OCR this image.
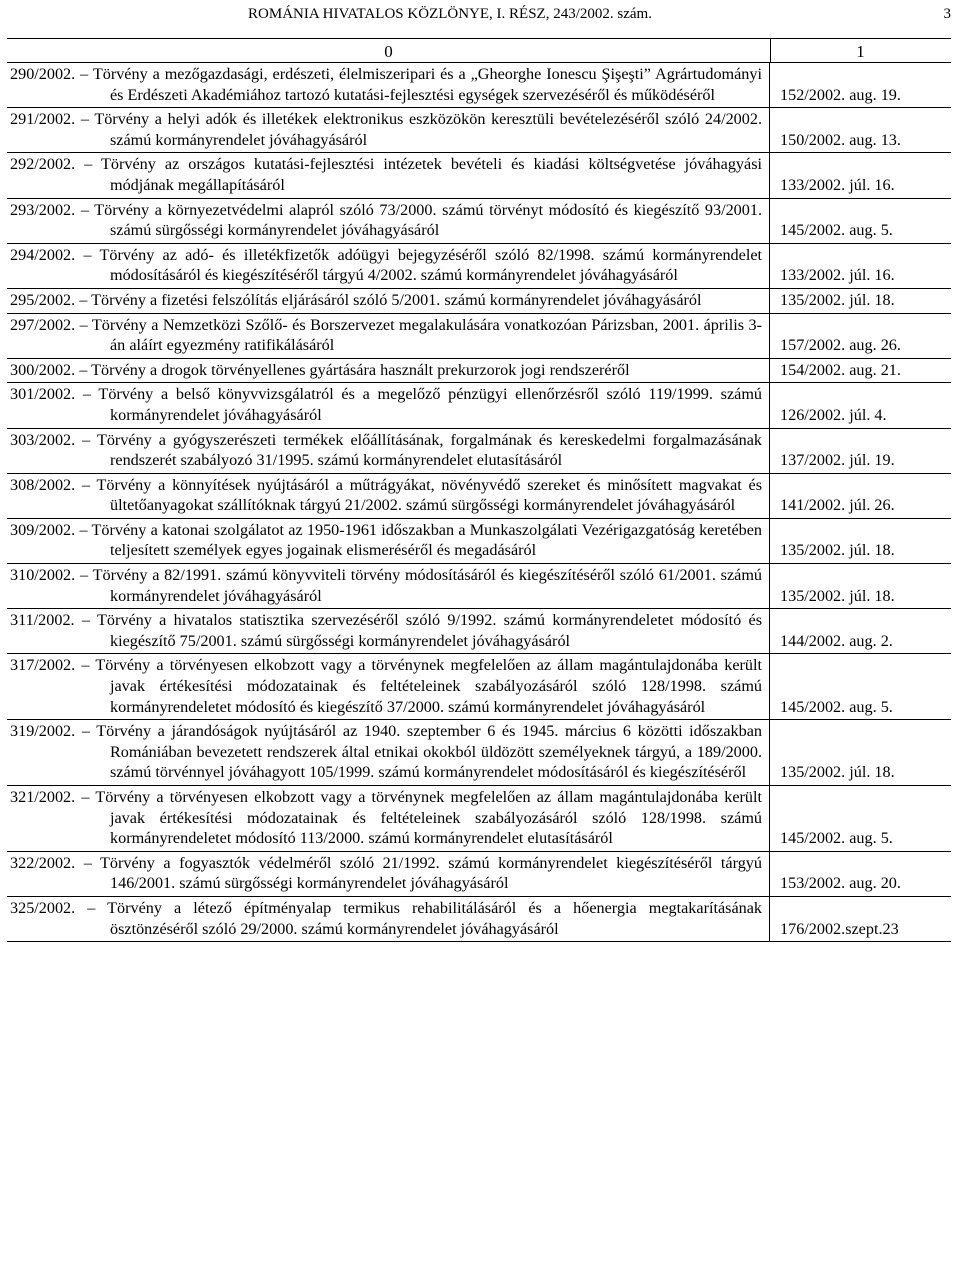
ROMÁNIA HIVATALOS KÖZLÖNYE, I. RÉSZ, 243/2002. szám.	3
0	1
290/2002. – Törvény a mezőgazdasági, erdészeti, élelmiszeripari és a „Gheorghe Ionescu Şişeşti” Agrártudományi és Erdészeti Akadémiához tartozó kutatási-fejlesztési egységek szervezéséről és működéséről	152/2002. aug. 19.
291/2002. – Törvény a helyi adók és illetékek elektronikus eszközökön keresztüli bevételezéséről szóló 24/2002. számú kormányrendelet jóváhagyásáról	150/2002. aug. 13.
292/2002. – Törvény az országos kutatási-fejlesztési intézetek bevételi és kiadási költségvetése jóváhagyási módjának megállapításáról	133/2002. júl. 16.
293/2002. – Törvény a környezetvédelmi alapról szóló 73/2000. számú törvényt módosító és kiegészítő 93/2001. számú sürgősségi kormányrendelet jóváhagyásáról	145/2002. aug. 5.
294/2002. – Törvény az adó- és illetékfizetők adóügyi bejegyzéséről szóló 82/1998. számú kormányrendelet módosításáról és kiegészítéséről tárgyú 4/2002. számú kormányrendelet jóváhagyásáról	133/2002. júl. 16.
295/2002. – Törvény a fizetési felszólítás eljárásáról szóló 5/2001. számú kormányrendelet jóváhagyásáról	135/2002. júl. 18.
297/2002. – Törvény a Nemzetközi Szőlő- és Borszervezet megalakulására vonatkozóan Párizsban, 2001. április 3-án aláírt egyezmény ratifikálásáról	157/2002. aug. 26.
300/2002. – Törvény a drogok törvényellenes gyártására használt prekurzorok jogi rendszeréről	154/2002. aug. 21.
301/2002. – Törvény a belső könyvvizsgálatról és a megelőző pénzügyi ellenőrzésről szóló 119/1999. számú kormányrendelet jóváhagyásáról	126/2002. júl. 4.
303/2002. – Törvény a gyógyszerészeti termékek előállításának, forgalmának és kereskedelmi forgalmazásának rendszerét szabályozó 31/1995. számú kormányrendelet elutasításáról	137/2002. júl. 19.
308/2002. – Törvény a könnyítések nyújtásáról a műtrágyákat, növényvédő szereket és minősített magvakat és ültetőanyagokat szállítóknak tárgyú 21/2002. számú sürgősségi kormányrendelet jóváhagyásáról	141/2002. júl. 26.
309/2002. – Törvény a katonai szolgálatot az 1950-1961 időszakban a Munkaszolgálati Vezérigazgatóság keretében teljesített személyek egyes jogainak elismeréséről és megadásáról	135/2002. júl. 18.
310/2002. – Törvény a 82/1991. számú könyvviteli törvény módosításáról és kiegészítéséről szóló 61/2001. számú kormányrendelet jóváhagyásáról	135/2002. júl. 18.
311/2002. – Törvény a hivatalos statisztika szervezéséről szóló 9/1992. számú kormányrendeletet módosító és kiegészítő 75/2001. számú sürgősségi kormányrendelet jóváhagyásáról	144/2002. aug. 2.
317/2002. – Törvény a törvényesen elkobzott vagy a törvénynek megfelelően az állam magántulajdonába került javak értékesítési módozatainak és feltételeinek szabályozásáról szóló 128/1998. számú kormányrendeletet módosító és kiegészítő 37/2000. számú kormányrendelet jóváhagyásáról	145/2002. aug. 5.
319/2002. – Törvény a járandóságok nyújtásáról az 1940. szeptember 6 és 1945. március 6 közötti időszakban Romániában bevezetett rendszerek által etnikai okokból üldözött személyeknek tárgyú, a 189/2000. számú törvénnyel jóváhagyott 105/1999. számú kormányrendelet módosításáról és kiegészítéséről	135/2002. júl. 18.
321/2002. – Törvény a törvényesen elkobzott vagy a törvénynek megfelelően az állam magántulajdonába került javak értékesítési módozatainak és feltételeinek szabályozásáról szóló 128/1998. számú kormányrendeletet módosító 113/2000. számú kormányrendelet elutasításáról	145/2002. aug. 5.
322/2002. – Törvény a fogyasztók védelméről szóló 21/1992. számú kormányrendelet kiegészítéséről tárgyú 146/2001. számú sürgősségi kormányrendelet jóváhagyásáról	153/2002. aug. 20.
325/2002. – Törvény a létező építményalap termikus rehabilitálásáról és a hőenergia megtakarításának ösztönzéséről szóló 29/2000. számú kormányrendelet jóváhagyásáról	176/2002.szept.23
